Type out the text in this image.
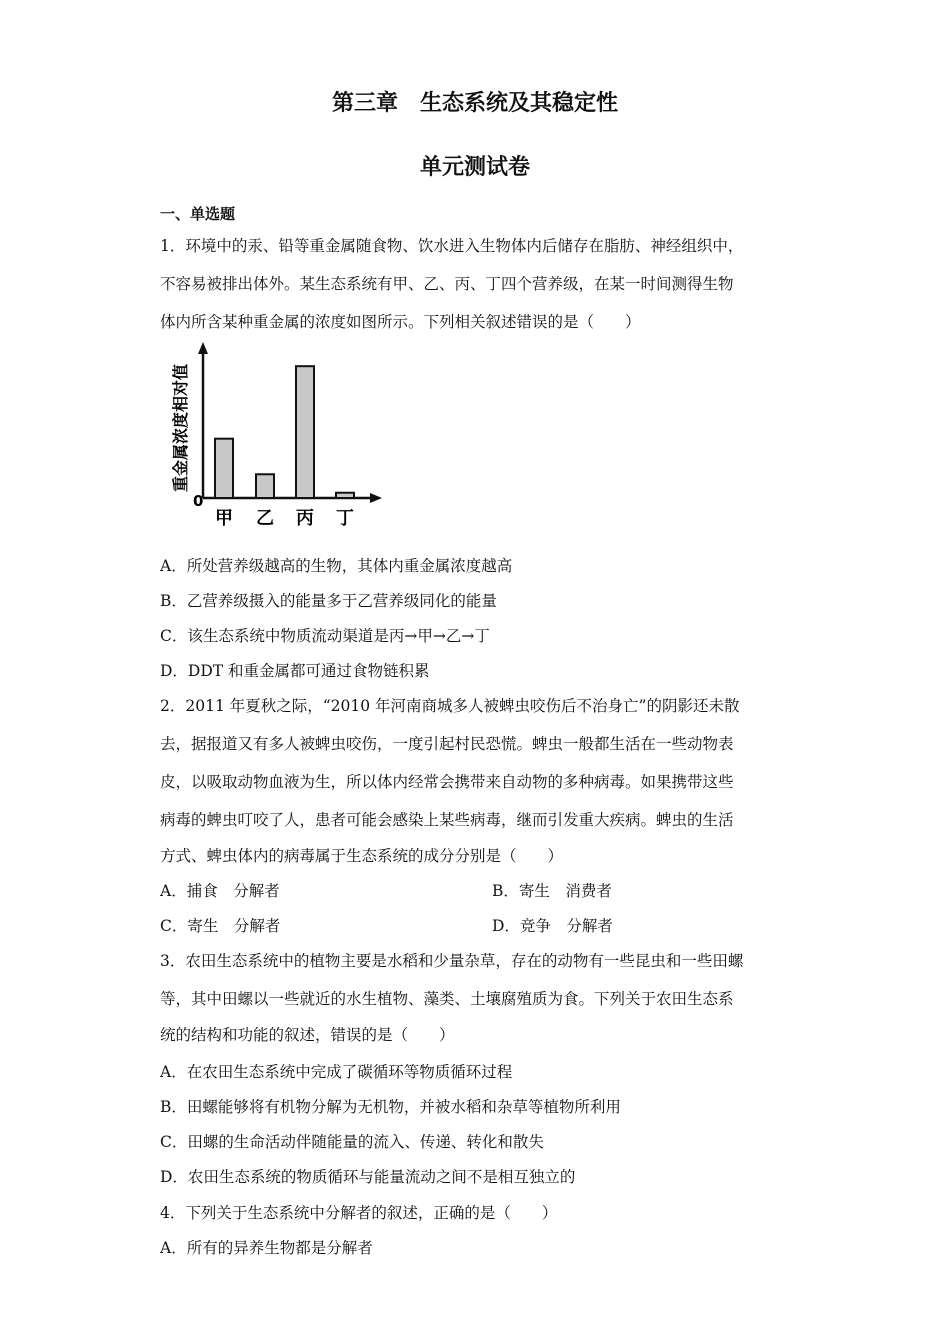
第三章　生态系统及其稳定性
单元测试卷
一、单选题
1．环境中的汞、铅等重金属随食物、饮水进入生物体内后储存在脂肪、神经组织中，
不容易被排出体外。某生态系统有甲、乙、丙、丁四个营养级，在某一时间测得生物
体内所含某种重金属的浓度如图所示。下列相关叙述错误的是（　　）
重金属浓度相对值
0
甲 乙 丙 丁
A．所处营养级越高的生物，其体内重金属浓度越高
B．乙营养级摄入的能量多于乙营养级同化的能量
C．该生态系统中物质流动渠道是丙→甲→乙→丁
D．DDT 和重金属都可通过食物链积累
2．2011 年夏秋之际，“2010 年河南商城多人被蜱虫咬伤后不治身亡”的阴影还未散
去，据报道又有多人被蜱虫咬伤，一度引起村民恐慌。蜱虫一般都生活在一些动物表
皮，以吸取动物血液为生，所以体内经常会携带来自动物的多种病毒。如果携带这些
病毒的蜱虫叮咬了人，患者可能会感染上某些病毒，继而引发重大疾病。蜱虫的生活
方式、蜱虫体内的病毒属于生态系统的成分分别是（　　）
A．捕食　分解者	B．寄生　消费者
C．寄生　分解者	D．竞争　分解者
3．农田生态系统中的植物主要是水稻和少量杂草，存在的动物有一些昆虫和一些田螺
等，其中田螺以一些就近的水生植物、藻类、土壤腐殖质为食。下列关于农田生态系
统的结构和功能的叙述，错误的是（　　）
A．在农田生态系统中完成了碳循环等物质循环过程
B．田螺能够将有机物分解为无机物，并被水稻和杂草等植物所利用
C．田螺的生命活动伴随能量的流入、传递、转化和散失
D．农田生态系统的物质循环与能量流动之间不是相互独立的
4．下列关于生态系统中分解者的叙述，正确的是（　　）
A．所有的异养生物都是分解者
